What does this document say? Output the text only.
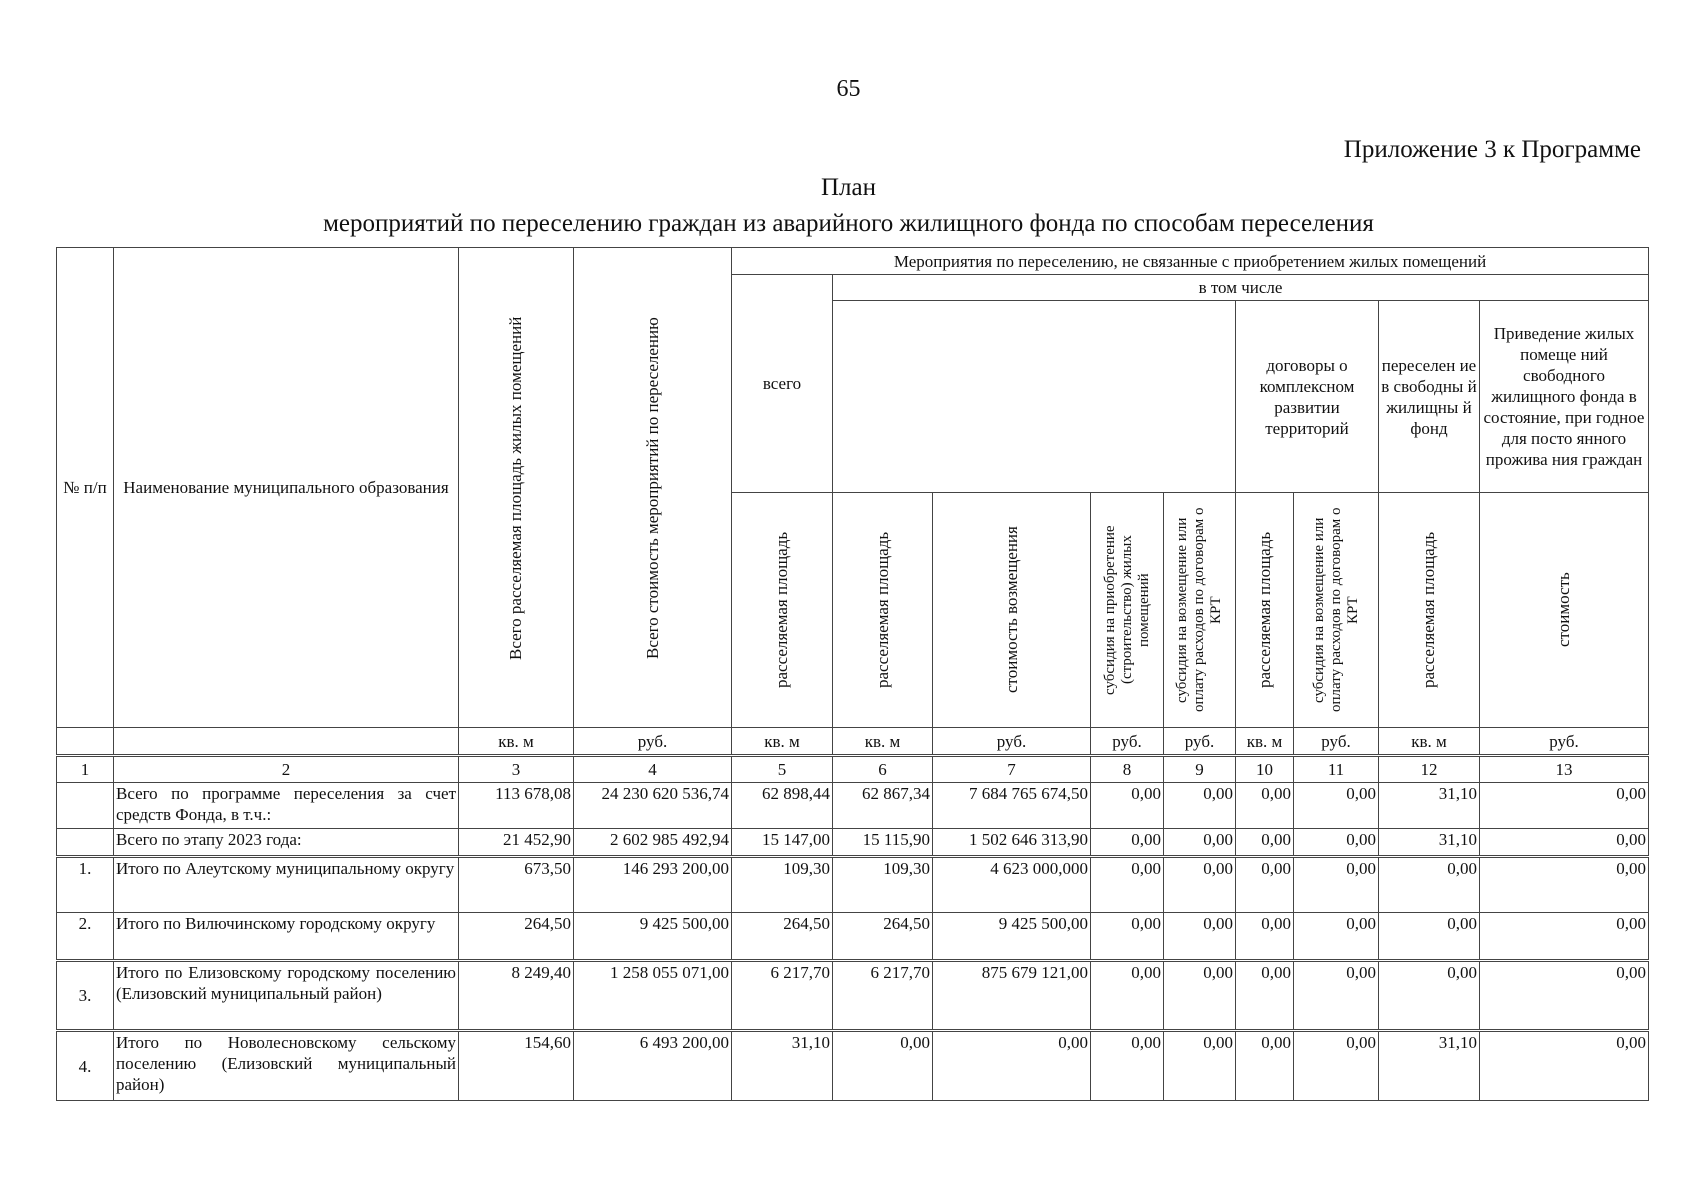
65
Приложение 3 к Программе
План
мероприятий по переселению граждан из аварийного жилищного фонда по способам переселения
№ п/п	Наименование муниципального образования	Всего расселяемая площадь жилых помещений	Всего стоимость мероприятий по переселению	Мероприятия по переселению, не связанные с приобретением жилых помещений								
				всего	в том числе							
									договоры о комплексном развитии территорий		переселен ие в свободны й жилищны й фонд	Приведение жилых помеще ний свободного жилищного фонда в состояние, при годное для посто янного прожива ния граждан

				расселяемая площадь	расселяемая площадь	стоимость возмещения	субсидия на приобретение (строительство) жилых помещений	субсидия на возмещение или оплату расходов по договорам о КРТ	расселяемая площадь	субсидия на возмещение или оплату расходов по договорам о КРТ	расселяемая площадь	стоимость

		кв. м	руб.	кв. м	кв. м	руб.	руб.	руб.	кв. м	руб.	кв. м	руб.
1	2	3	4	5	6	7	8	9	10	11	12	13
	Всего по программе переселения за счет средств Фонда, в т.ч.:	113 678,08	24 230 620 536,74	62 898,44	62 867,34	7 684 765 674,50	0,00	0,00	0,00	0,00	31,10	0,00
	Всего по этапу 2023 года:	21 452,90	2 602 985 492,94	15 147,00	15 115,90	1 502 646 313,90	0,00	0,00	0,00	0,00	31,10	0,00
1.	Итого по Алеутскому муниципальному округу	673,50	146 293 200,00	109,30	109,30	4 623 000,000	0,00	0,00	0,00	0,00	0,00	0,00
2.	Итого по Вилючинскому городскому округу	264,50	9 425 500,00	264,50	264,50	9 425 500,00	0,00	0,00	0,00	0,00	0,00	0,00
3.	Итого по Елизовскому городскому поселению (Елизовский муниципальный район)	8 249,40	1 258 055 071,00	6 217,70	6 217,70	875 679 121,00	0,00	0,00	0,00	0,00	0,00	0,00
4.	Итого по Новолесновскому сельскому поселению (Елизовский муниципальный район)	154,60	6 493 200,00	31,10	0,00	0,00	0,00	0,00	0,00	0,00	31,10	0,00
